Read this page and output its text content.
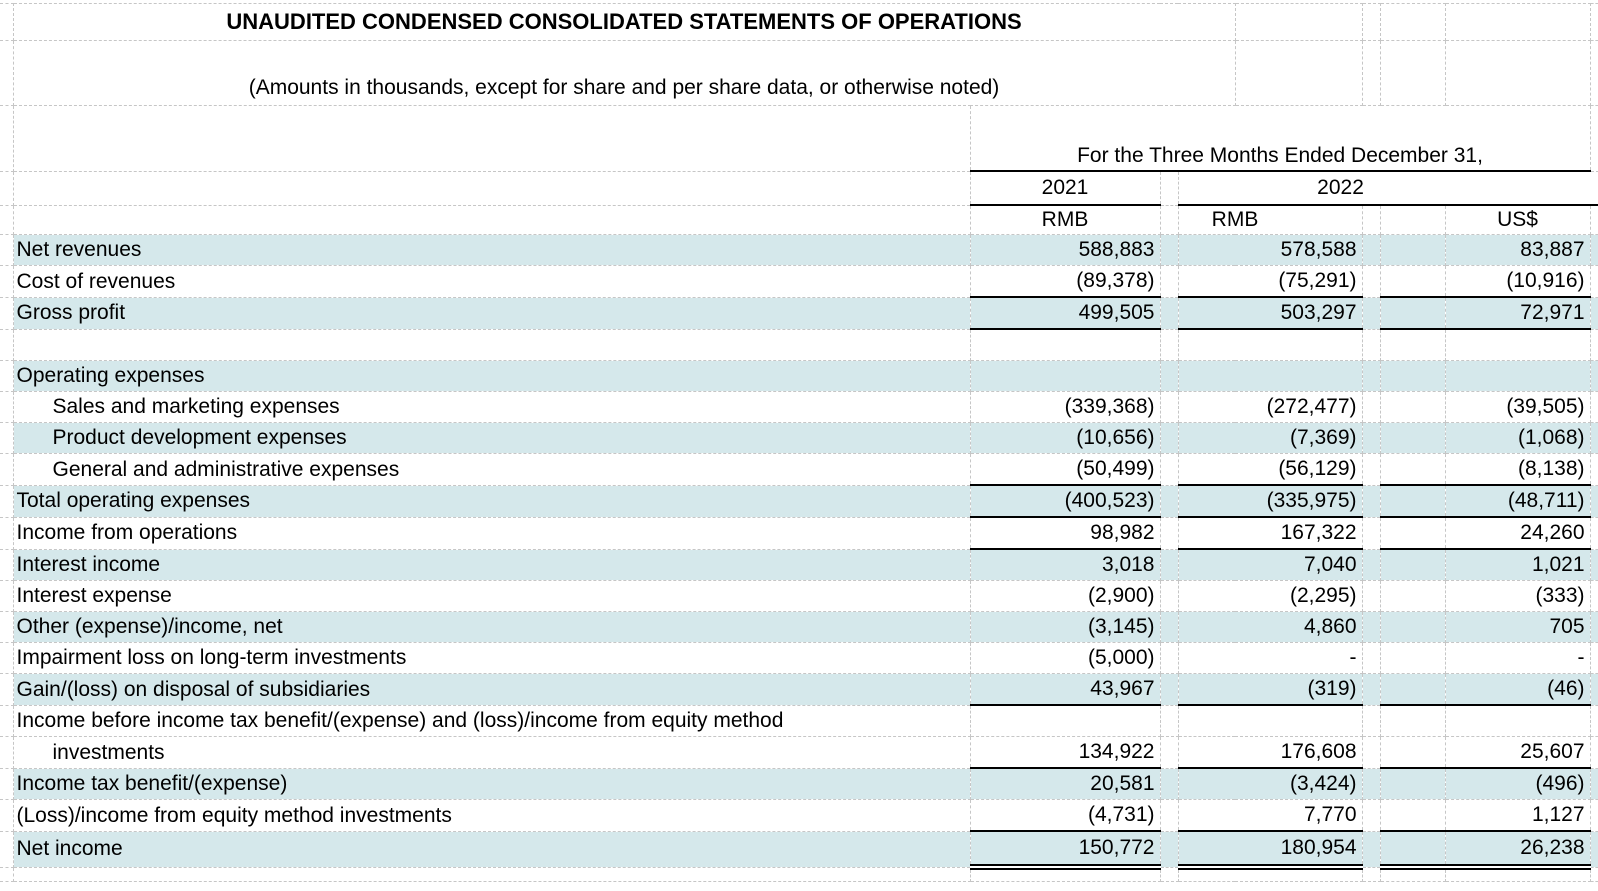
	UNAUDITED CONDENSED CONSOLIDATED STATEMENTS OF OPERATIONS								
	(Amounts in thousands, except for share and per share data, or otherwise noted)								
		For the Three Months Ended December 31,							
		2021		2022					
		RMB		RMB				US$	
	Net revenues	588,883		578,588				83,887	
	Cost of revenues	(89,378)		(75,291)				(10,916)	
	Gross profit	499,505		503,297				72,971	

	Operating expenses								
	Sales and marketing expenses	(339,368)		(272,477)				(39,505)	
	Product development expenses	(10,656)		(7,369)				(1,068)	
	General and administrative expenses	(50,499)		(56,129)				(8,138)	
	Total operating expenses	(400,523)		(335,975)				(48,711)	
	Income from operations	98,982		167,322				24,260	
	Interest income	3,018		7,040				1,021	
	Interest expense	(2,900)		(2,295)				(333)	
	Other (expense)/income, net	(3,145)		4,860				705	
	Impairment loss on long-term investments	(5,000)		-				-	
	Gain/(loss) on disposal of subsidiaries	43,967		(319)				(46)	
	Income before income tax benefit/(expense) and (loss)/income from equity method								
	investments	134,922		176,608				25,607	
	Income tax benefit/(expense)	20,581		(3,424)				(496)	
	(Loss)/income from equity method investments	(4,731)		7,770				1,127	
	Net income	150,772		180,954				26,238	
